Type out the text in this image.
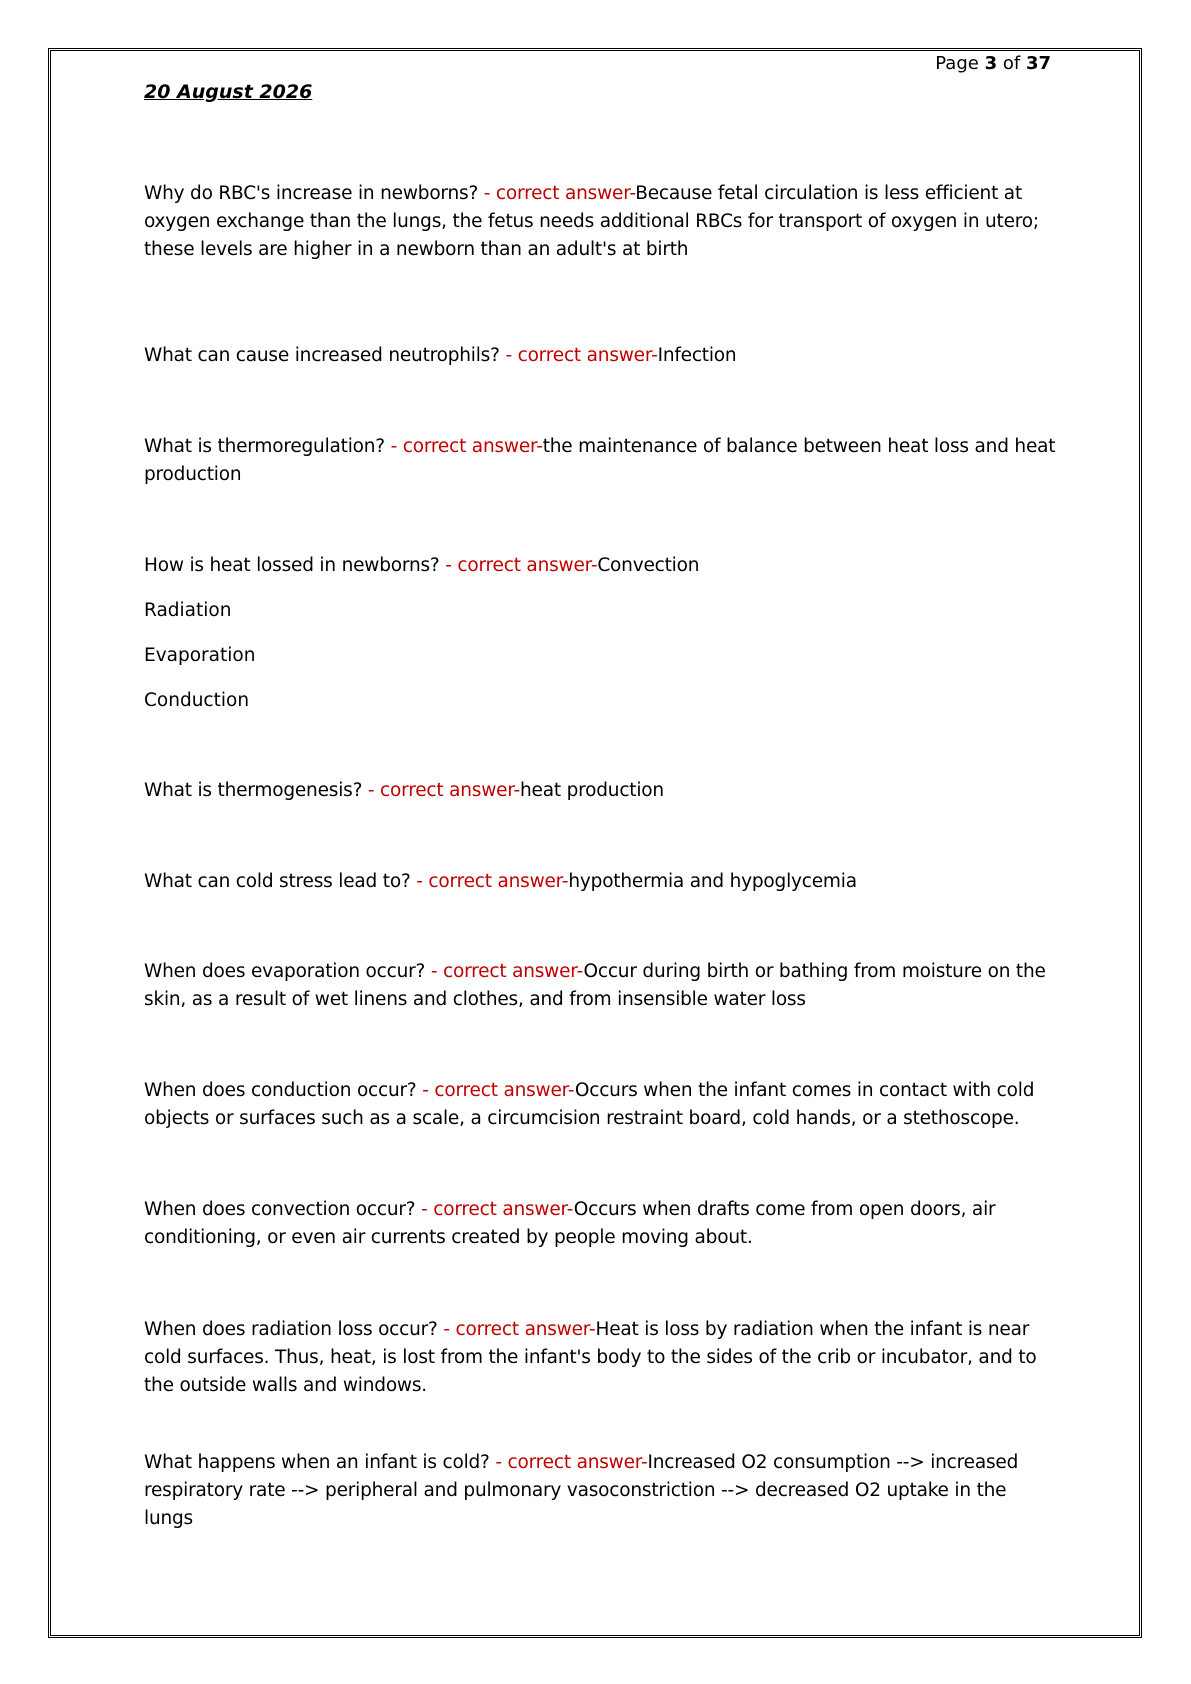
Page 3 of 37
20 August 2026

Why do RBC's increase in newborns? - correct answer-Because fetal circulation is less efficient at oxygen exchange than the lungs, the fetus needs additional RBCs for transport of oxygen in utero; these levels are higher in a newborn than an adult's at birth

What can cause increased neutrophils? - correct answer-Infection

What is thermoregulation? - correct answer-the maintenance of balance between heat loss and heat production

How is heat lossed in newborns? - correct answer-Convection

Radiation
Evaporation
Conduction

What is thermogenesis? - correct answer-heat production

What can cold stress lead to? - correct answer-hypothermia and hypoglycemia

When does evaporation occur? - correct answer-Occur during birth or bathing from moisture on the skin, as a result of wet linens and clothes, and from insensible water loss

When does conduction occur? - correct answer-Occurs when the infant comes in contact with cold objects or surfaces such as a scale, a circumcision restraint board, cold hands, or a stethoscope.

When does convection occur? - correct answer-Occurs when drafts come from open doors, air conditioning, or even air currents created by people moving about.

When does radiation loss occur? - correct answer-Heat is loss by radiation when the infant is near cold surfaces. Thus, heat, is lost from the infant's body to the sides of the crib or incubator, and to the outside walls and windows.

What happens when an infant is cold? - correct answer-Increased O2 consumption --> increased respiratory rate --> peripheral and pulmonary vasoconstriction --> decreased O2 uptake in the lungs
